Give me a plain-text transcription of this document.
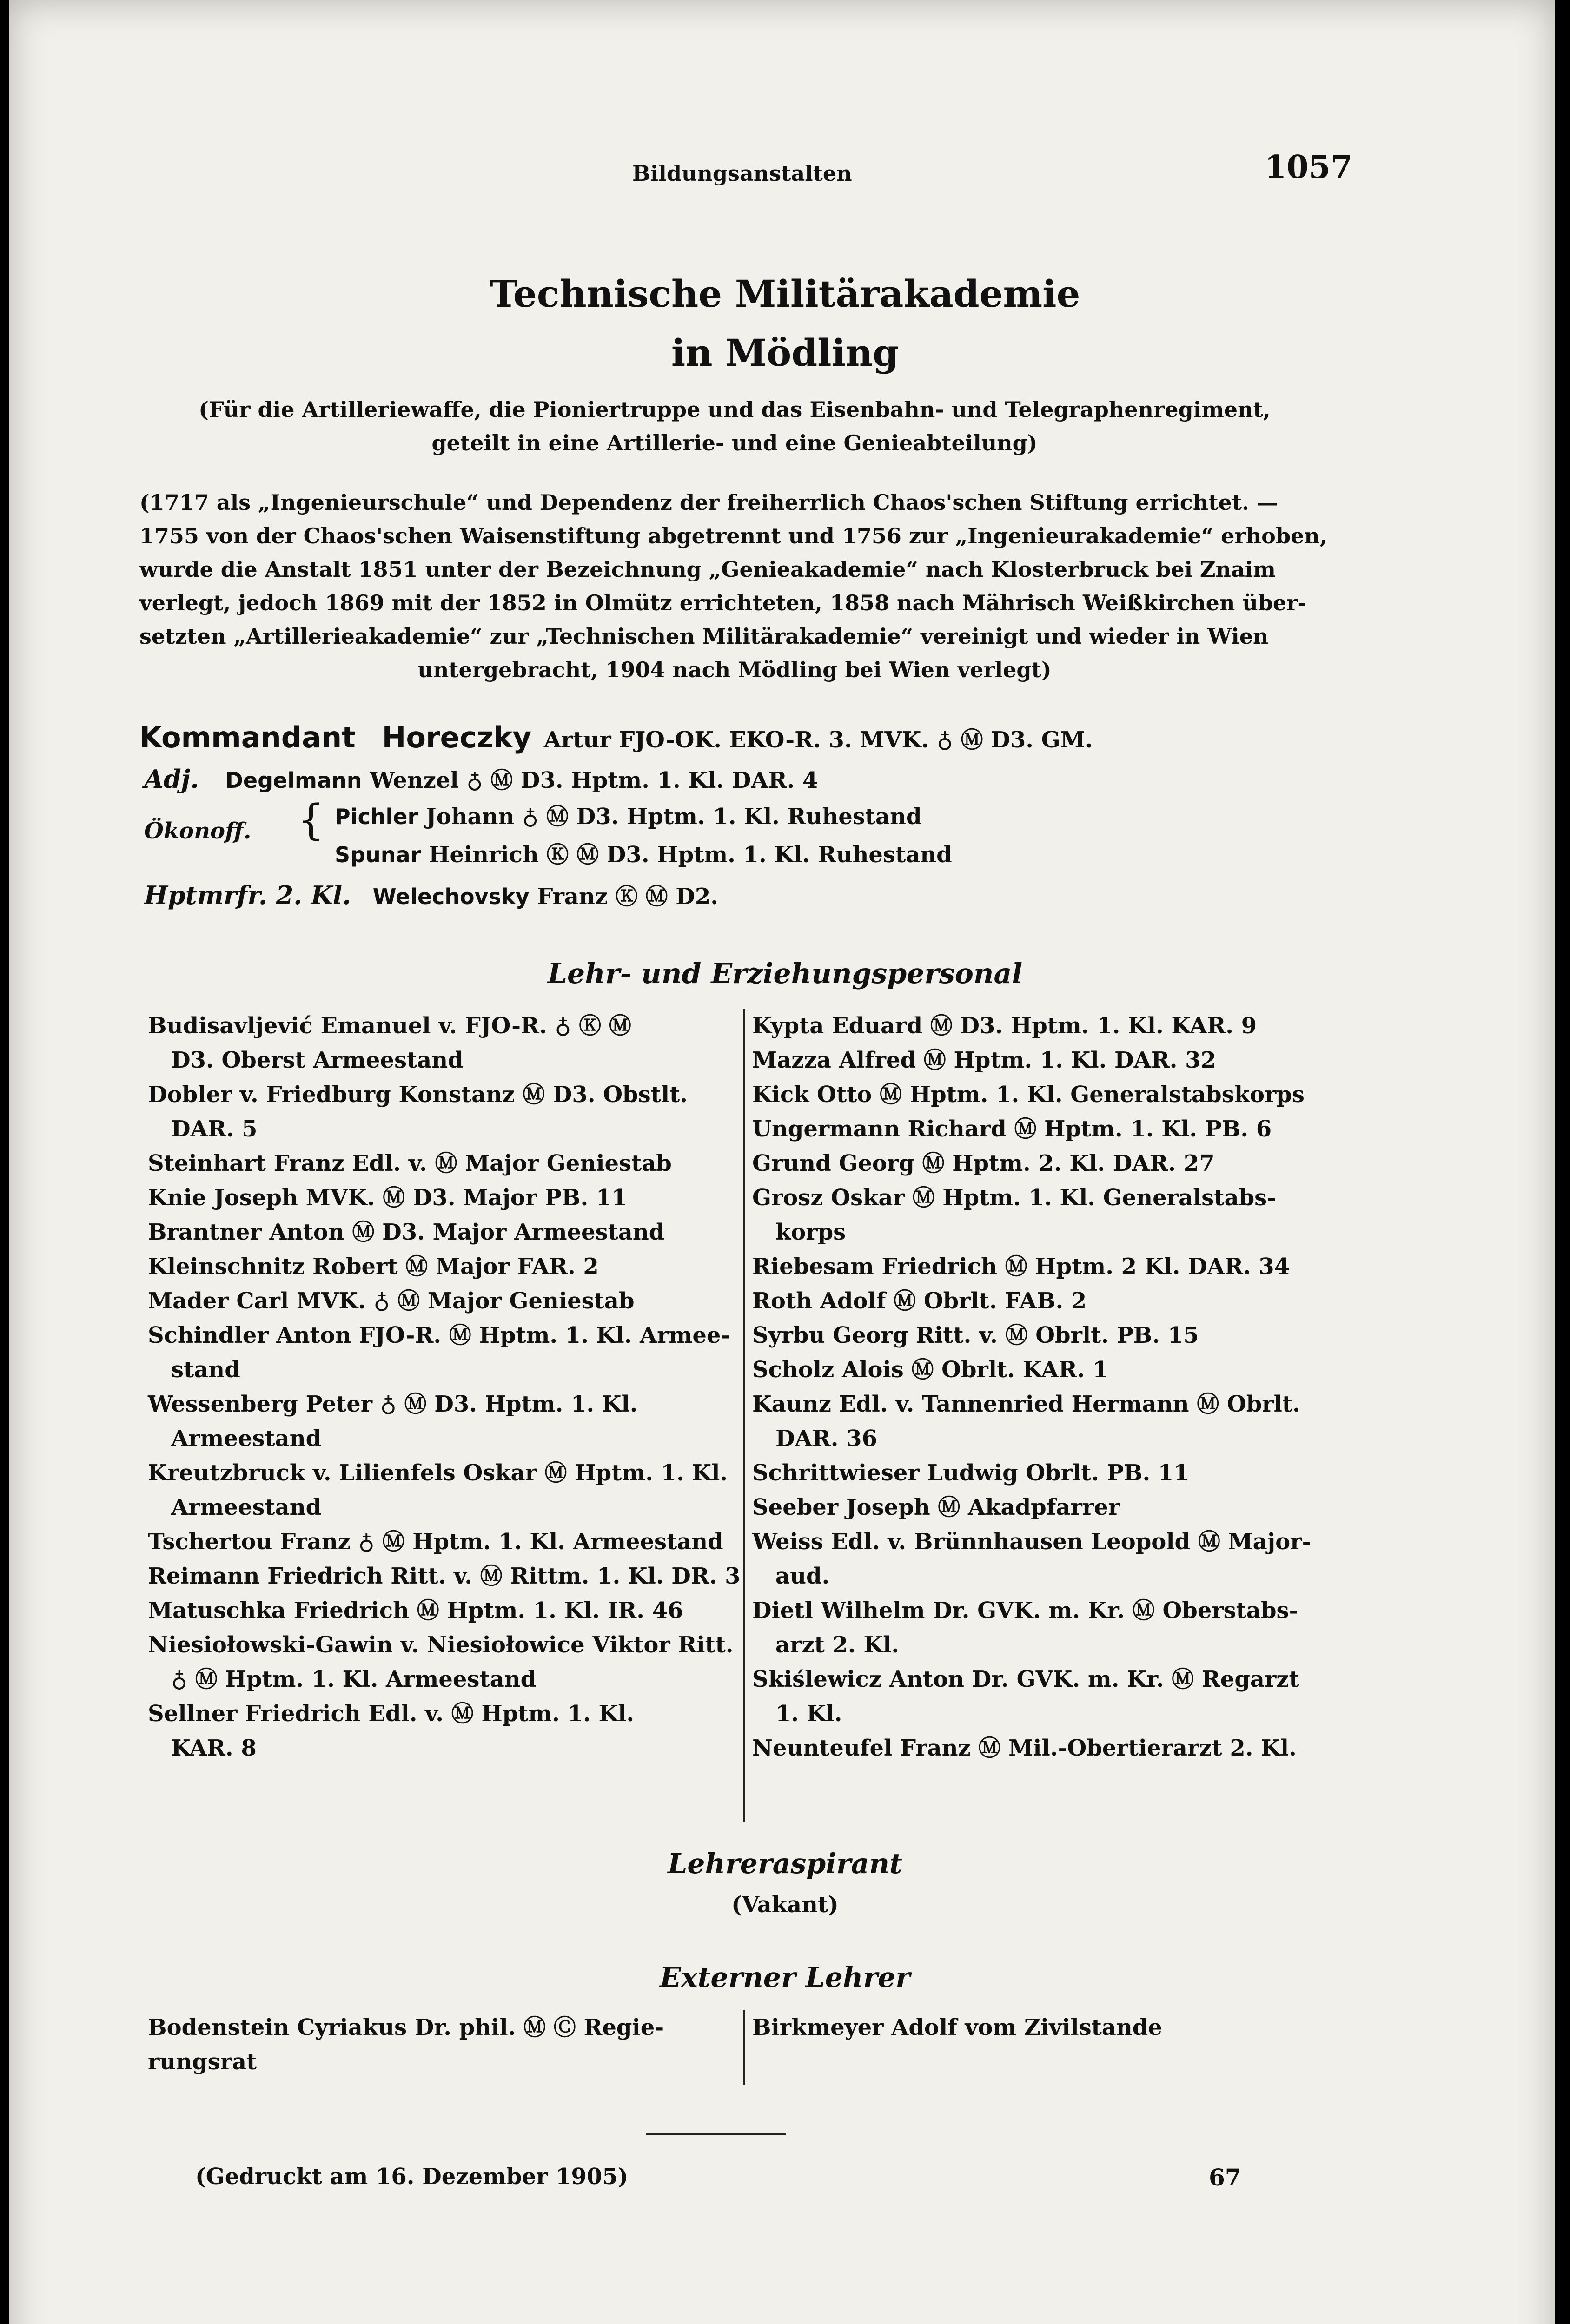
Bildungsanstalten	1057
Technische Militärakademie
in Mödling
(Für die Artilleriewaffe, die Pioniertruppe und das Eisenbahn- und Telegraphenregiment,
geteilt in eine Artillerie- und eine Genieabteilung)
(1717 als „Ingenieurschule“ und Dependenz der freiherrlich Chaos'schen Stiftung errichtet. —
1755 von der Chaos'schen Waisenstiftung abgetrennt und 1756 zur „Ingenieurakademie“ erhoben,
wurde die Anstalt 1851 unter der Bezeichnung „Genieakademie“ nach Klosterbruck bei Znaim
verlegt, jedoch 1869 mit der 1852 in Olmütz errichteten, 1858 nach Mährisch Weißkirchen über-
setzten „Artillerieakademie“ zur „Technischen Militärakademie“ vereinigt und wieder in Wien
untergebracht, 1904 nach Mödling bei Wien verlegt)
Kommandant Horeczky Artur FJO-OK. EKO-R. 3. MVK. ♁ Ⓜ D3. GM.
Adj. Degelmann Wenzel ♁ Ⓜ D3. Hptm. 1. Kl. DAR. 4
Ökonoff. { Pichler Johann ♁ Ⓜ D3. Hptm. 1. Kl. Ruhestand
Spunar Heinrich Ⓚ Ⓜ D3. Hptm. 1. Kl. Ruhestand
Hptmrfr. 2. Kl. Welechovsky Franz Ⓚ Ⓜ D2.
Lehr- und Erziehungspersonal
Budisavljević Emanuel v. FJO-R. ♁ Ⓚ Ⓜ
D3. Oberst Armeestand
Dobler v. Friedburg Konstanz Ⓜ D3. Obstlt.
DAR. 5
Steinhart Franz Edl. v. Ⓜ Major Geniestab
Knie Joseph MVK. Ⓜ D3. Major PB. 11
Brantner Anton Ⓜ D3. Major Armeestand
Kleinschnitz Robert Ⓜ Major FAR. 2
Mader Carl MVK. ♁ Ⓜ Major Geniestab
Schindler Anton FJO-R. Ⓜ Hptm. 1. Kl. Armee-
stand
Wessenberg Peter ♁ Ⓜ D3. Hptm. 1. Kl.
Armeestand
Kreutzbruck v. Lilienfels Oskar Ⓜ Hptm. 1. Kl.
Armeestand
Tschertou Franz ♁ Ⓜ Hptm. 1. Kl. Armeestand
Reimann Friedrich Ritt. v. Ⓜ Rittm. 1. Kl. DR. 3
Matuschka Friedrich Ⓜ Hptm. 1. Kl. IR. 46
Niesiołowski-Gawin v. Niesiołowice Viktor Ritt.
♁ Ⓜ Hptm. 1. Kl. Armeestand
Sellner Friedrich Edl. v. Ⓜ Hptm. 1. Kl.
KAR. 8
Kypta Eduard Ⓜ D3. Hptm. 1. Kl. KAR. 9
Mazza Alfred Ⓜ Hptm. 1. Kl. DAR. 32
Kick Otto Ⓜ Hptm. 1. Kl. Generalstabskorps
Ungermann Richard Ⓜ Hptm. 1. Kl. PB. 6
Grund Georg Ⓜ Hptm. 2. Kl. DAR. 27
Grosz Oskar Ⓜ Hptm. 1. Kl. Generalstabs-
korps
Riebesam Friedrich Ⓜ Hptm. 2 Kl. DAR. 34
Roth Adolf Ⓜ Obrlt. FAB. 2
Syrbu Georg Ritt. v. Ⓜ Obrlt. PB. 15
Scholz Alois Ⓜ Obrlt. KAR. 1
Kaunz Edl. v. Tannenried Hermann Ⓜ Obrlt.
DAR. 36
Schrittwieser Ludwig Obrlt. PB. 11
Seeber Joseph Ⓜ Akadpfarrer
Weiss Edl. v. Brünnhausen Leopold Ⓜ Major-
aud.
Dietl Wilhelm Dr. GVK. m. Kr. Ⓜ Oberstabs-
arzt 2. Kl.
Skiślewicz Anton Dr. GVK. m. Kr. Ⓜ Regarzt
1. Kl.
Neunteufel Franz Ⓜ Mil.-Obertierarzt 2. Kl.
Lehreraspirant
(Vakant)
Externer Lehrer
Bodenstein Cyriakus Dr. phil. Ⓜ Ⓒ Regie-
rungsrat
Birkmeyer Adolf vom Zivilstande
(Gedruckt am 16. Dezember 1905)	67
